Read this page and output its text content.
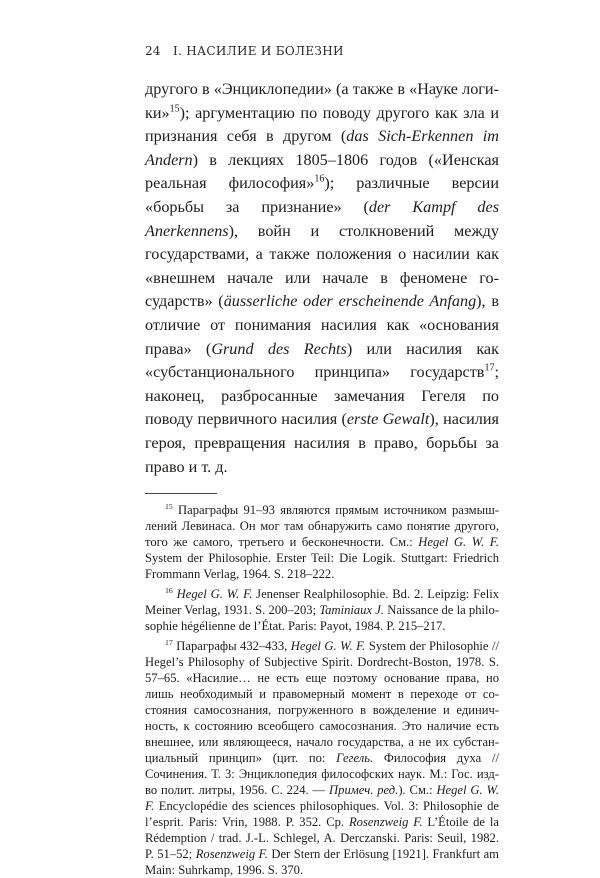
24 I. НАСИЛИЕ И БОЛЕЗНИ

другого в «Энциклопедии» (а также в «Науке логики»$^{15}$); аргументацию по поводу другого как зла и признания себя в другом (das Sich-Erkennen im Andern) в лекциях 1805–1806 годов («Иенская реальная философия»$^{16}$); различные версии «борьбы за признание» (der Kampf des Anerkennens), войн и столкновений между государствами, а также положения о насилии как «внешнем начале или начале в феномене государств» (äusserliche oder erscheinende Anfang), в отличие от понимания насилия как «основания права» (Grund des Rechts) или насилия как «субстанционального принципа» государств$^{17}$; наконец, разбросанные замечания Гегеля по поводу первичного насилия (erste Gewalt), насилия героя, превращения насилия в право, борьбы за право и т. д.

$^{15}$ Параграфы 91–93 являются прямым источником размышлений Левинаса. Он мог там обнаружить само понятие другого, того же самого, третьего и бесконечности. См.: Hegel G. W. F. System der Philosophie. Erster Teil: Die Logik. Stuttgart: Friedrich Frommann Verlag, 1964. S. 218–222.

$^{16}$ Hegel G. W. F. Jenenser Realphilosophie. Bd. 2. Leipzig: Felix Meiner Verlag, 1931. S. 200–203; Taminiaux J. Naissance de la philosophie hégélienne de l’État. Paris: Payot, 1984. P. 215–217.

$^{17}$ Параграфы 432–433, Hegel G. W. F. System der Philosophie // Hegel’s Philosophy of Subjective Spirit. Dordrecht-Boston, 1978. S. 57–65. «Насилие… не есть еще поэтому основание права, но лишь необходимый и правомерный момент в переходе от состояния самосознания, погруженного в вожделение и единичность, к состоянию всеобщего самосознания. Это наличие есть внешнее, или являющееся, начало государства, а не их субстанциальный принцип» (цит. по: Гегель. Философия духа // Сочинения. Т. 3: Энциклопедия философских наук. М.: Гос. изд-во полит. литры, 1956. С. 224. — Примеч. ред.). См.: Hegel G. W. F. Encyclopédie des sciences philosophiques. Vol. 3: Philosophie de l’esprit. Paris: Vrin, 1988. P. 352. Ср. Rosenzweig F. L’Étoile de la Rédemption / trad. J.-L. Schlegel, A. Derczanski. Paris: Seuil, 1982. P. 51–52; Rosenzweig F. Der Stern der Erlösung [1921]. Frankfurt am Main: Suhrkamp, 1996. S. 370.
